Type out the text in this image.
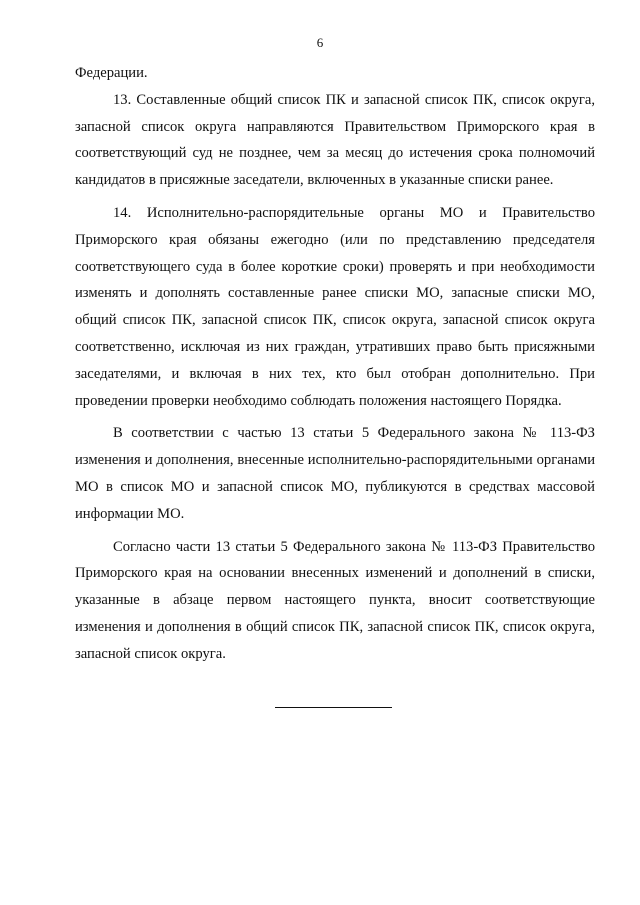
6

Федерации.

13. Составленные общий список ПК и запасной список ПК, список округа, запасной список округа направляются Правительством Приморского края в соответствующий суд не позднее, чем за месяц до истечения срока полномочий кандидатов в присяжные заседатели, включенных в указанные списки ранее.

14. Исполнительно-распорядительные органы МО и Правительство Приморского края обязаны ежегодно (или по представлению председателя соответствующего суда в более короткие сроки) проверять и при необходимости изменять и дополнять составленные ранее списки МО, запасные списки МО, общий список ПК, запасной список ПК, список округа, запасной список округа соответственно, исключая из них граждан, утративших право быть присяжными заседателями, и включая в них тех, кто был отобран дополнительно. При проведении проверки необходимо соблюдать положения настоящего Порядка.

В соответствии с частью 13 статьи 5 Федерального закона № 113-ФЗ изменения и дополнения, внесенные исполнительно-распорядительными органами МО в список МО и запасной список МО, публикуются в средствах массовой информации МО.

Согласно части 13 статьи 5 Федерального закона № 113-ФЗ Правительство Приморского края на основании внесенных изменений и дополнений в списки, указанные в абзаце первом настоящего пункта, вносит соответствующие изменения и дополнения в общий список ПК, запасной список ПК, список округа, запасной список округа.
